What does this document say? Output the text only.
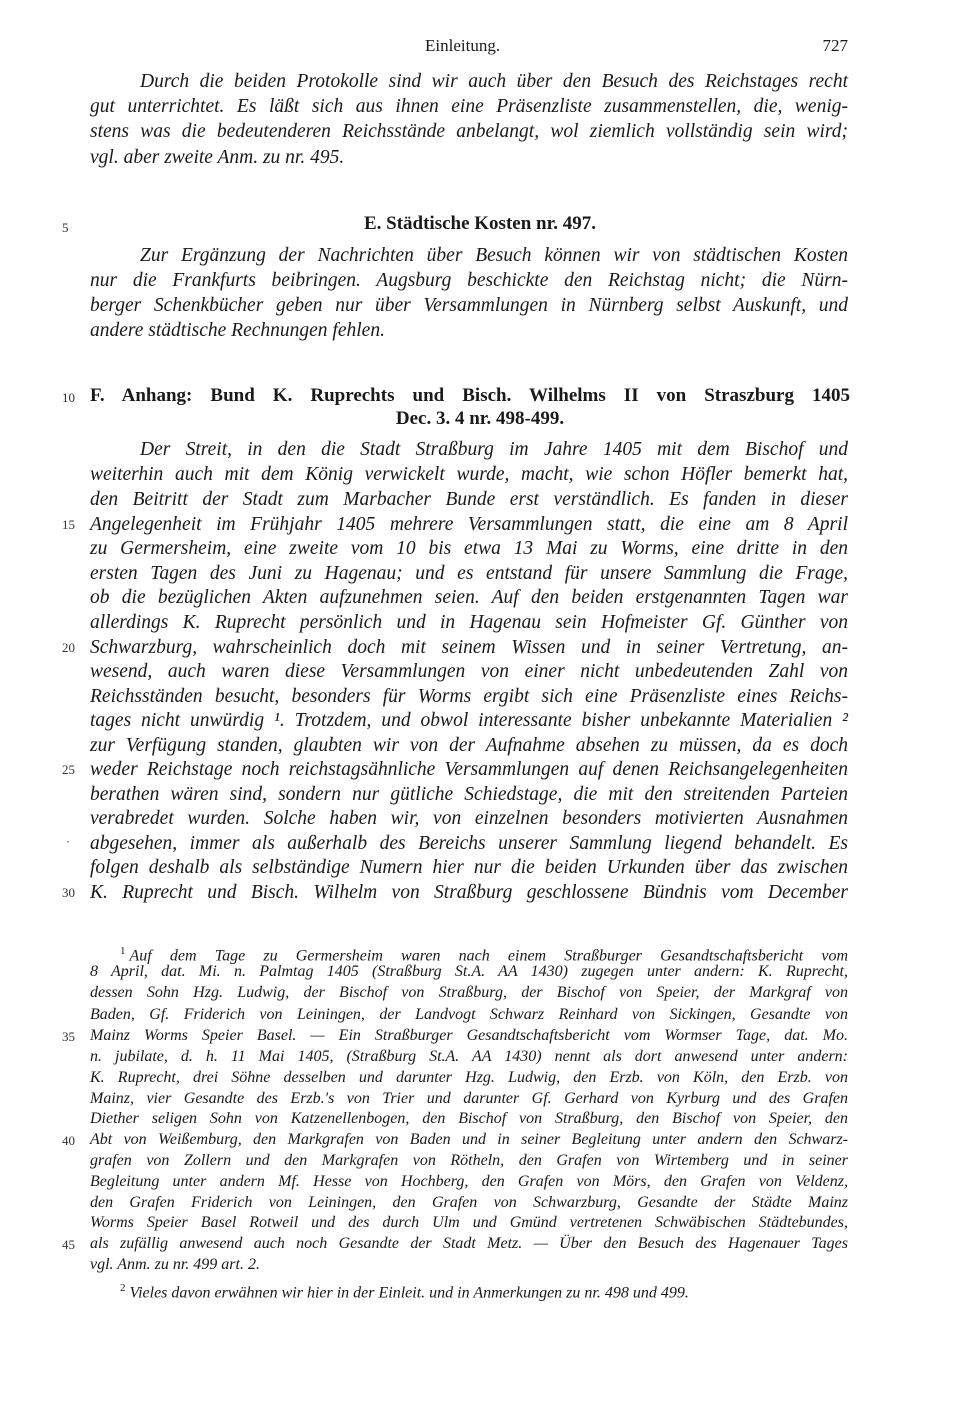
Einleitung.	727
Durch die beiden Protokolle sind wir auch über den Besuch des Reichstages recht
gut unterrichtet. Es läßt sich aus ihnen eine Präsenzliste zusammenstellen, die, wenig-
stens was die bedeutenderen Reichsstände anbelangt, wol ziemlich vollständig sein wird;
vgl. aber zweite Anm. zu nr. 495.
E. Städtische Kosten nr. 497.
Zur Ergänzung der Nachrichten über Besuch können wir von städtischen Kosten
nur die Frankfurts beibringen. Augsburg beschickte den Reichstag nicht; die Nürn-
berger Schenkbücher geben nur über Versammlungen in Nürnberg selbst Auskunft, und
andere städtische Rechnungen fehlen.
F. Anhang: Bund K. Ruprechts und Bisch. Wilhelms II von Straszburg 1405
Dec. 3. 4 nr. 498-499.
Der Streit, in den die Stadt Straßburg im Jahre 1405 mit dem Bischof und
weiterhin auch mit dem König verwickelt wurde, macht, wie schon Höfler bemerkt hat,
den Beitritt der Stadt zum Marbacher Bunde erst verständlich. Es fanden in dieser
Angelegenheit im Frühjahr 1405 mehrere Versammlungen statt, die eine am 8 April
zu Germersheim, eine zweite vom 10 bis etwa 13 Mai zu Worms, eine dritte in den
ersten Tagen des Juni zu Hagenau; und es entstand für unsere Sammlung die Frage,
ob die bezüglichen Akten aufzunehmen seien. Auf den beiden erstgenannten Tagen war
allerdings K. Ruprecht persönlich und in Hagenau sein Hofmeister Gf. Günther von
Schwarzburg, wahrscheinlich doch mit seinem Wissen und in seiner Vertretung, an-
wesend, auch waren diese Versammlungen von einer nicht unbedeutenden Zahl von
Reichsständen besucht, besonders für Worms ergibt sich eine Präsenzliste eines Reichs-
tages nicht unwürdig ¹. Trotzdem, und obwol interessante bisher unbekannte Materialien ²
zur Verfügung standen, glaubten wir von der Aufnahme absehen zu müssen, da es doch
weder Reichstage noch reichstagsähnliche Versammlungen auf denen Reichsangelegenheiten
berathen wären sind, sondern nur gütliche Schiedstage, die mit den streitenden Parteien
verabredet wurden. Solche haben wir, von einzelnen besonders motivierten Ausnahmen
abgesehen, immer als außerhalb des Bereichs unserer Sammlung liegend behandelt. Es
folgen deshalb als selbständige Numern hier nur die beiden Urkunden über das zwischen
K. Ruprecht und Bisch. Wilhelm von Straßburg geschlossene Bündnis vom December
5
10
15
20
25
30
35
40
45
·
$^1$ Auf dem Tage zu Germersheim waren nach einem Straßburger Gesandtschaftsbericht vom
8 April, dat. Mi. n. Palmtag 1405 (Straßburg St.A. AA 1430) zugegen unter andern: K. Ruprecht,
dessen Sohn Hzg. Ludwig, der Bischof von Straßburg, der Bischof von Speier, der Markgraf von
Baden, Gf. Friderich von Leiningen, der Landvogt Schwarz Reinhard von Sickingen, Gesandte von
Mainz Worms Speier Basel. — Ein Straßburger Gesandtschaftsbericht vom Wormser Tage, dat. Mo.
n. jubilate, d. h. 11 Mai 1405, (Straßburg St.A. AA 1430) nennt als dort anwesend unter andern:
K. Ruprecht, drei Söhne desselben und darunter Hzg. Ludwig, den Erzb. von Köln, den Erzb. von
Mainz, vier Gesandte des Erzb.'s von Trier und darunter Gf. Gerhard von Kyrburg und des Grafen
Diether seligen Sohn von Katzenellenbogen, den Bischof von Straßburg, den Bischof von Speier, den
Abt von Weißemburg, den Markgrafen von Baden und in seiner Begleitung unter andern den Schwarz-
grafen von Zollern und den Markgrafen von Rötheln, den Grafen von Wirtemberg und in seiner
Begleitung unter andern Mf. Hesse von Hochberg, den Grafen von Mörs, den Grafen von Veldenz,
den Grafen Friderich von Leiningen, den Grafen von Schwarzburg, Gesandte der Städte Mainz
Worms Speier Basel Rotweil und des durch Ulm und Gmünd vertretenen Schwäbischen Städtebundes,
als zufällig anwesend auch noch Gesandte der Stadt Metz. — Über den Besuch des Hagenauer Tages
vgl. Anm. zu nr. 499 art. 2.
$^2$ Vieles davon erwähnen wir hier in der Einleit. und in Anmerkungen zu nr. 498 und 499.
